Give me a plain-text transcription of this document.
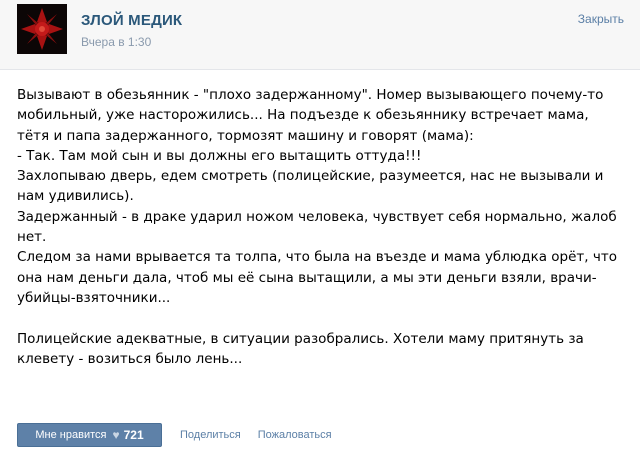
ЗЛОЙ МЕДИК
Вчера в 1:30
Закрыть

Вызывают в обезьянник - "плохо задержанному". Номер вызывающего почему-то

мобильный, уже насторожились... На подъезде к обезьяннику встречает мама,

тётя и папа задержанного, тормозят машину и говорят (мама):

- Так. Там мой сын и вы должны его вытащить оттуда!!!

Захлопываю дверь, едем смотреть (полицейские, разумеется, нас не вызывали и

нам удивились).

Задержанный - в драке ударил ножом человека, чувствует себя нормально, жалоб

нет.

Следом за нами врывается та толпа, что была на въезде и мама ублюдка орёт, что

она нам деньги дала, чтоб мы её сына вытащили, а мы эти деньги взяли, врачи-

убийцы-взяточники...

Полицейские адекватные, в ситуации разобрались. Хотели маму притянуть за

клевету - возиться было лень...

Мне нравится ♥ 721	Поделиться Пожаловаться
